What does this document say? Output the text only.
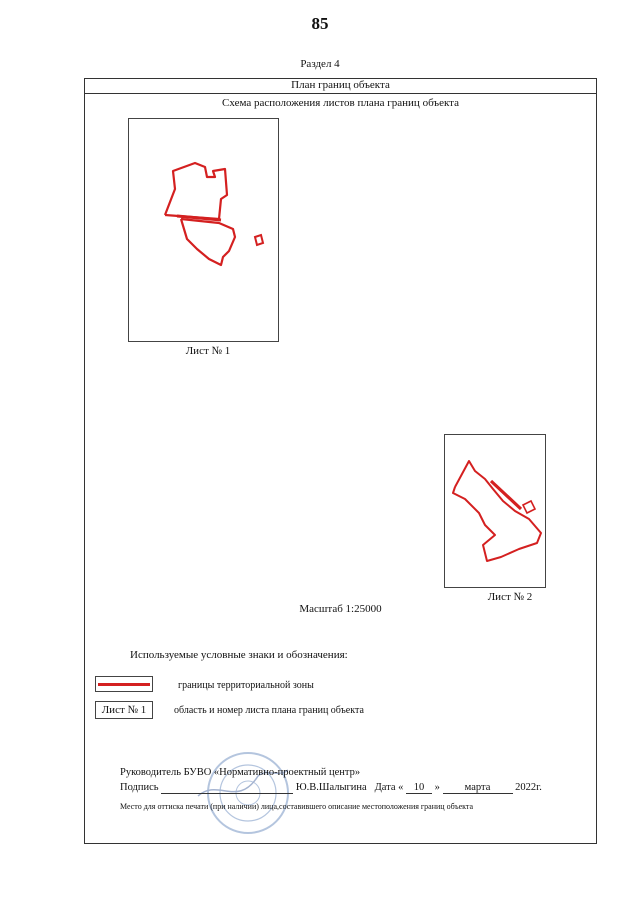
85
Раздел 4
План границ объекта
Схема расположения листов плана границ объекта
Лист № 1
Лист № 2
Масштаб 1:25000
Используемые условные знаки и обозначения:
границы территориальной зоны
Лист № 1	область и номер листа плана границ объекта
Руководитель БУВО «Нормативно-проектный центр»
Подпись	Ю.В.Шалыгина Дата « 10 » марта 2022г.
Место для оттиска печати (при наличии) лица,составившего описание местоположения границ объекта
